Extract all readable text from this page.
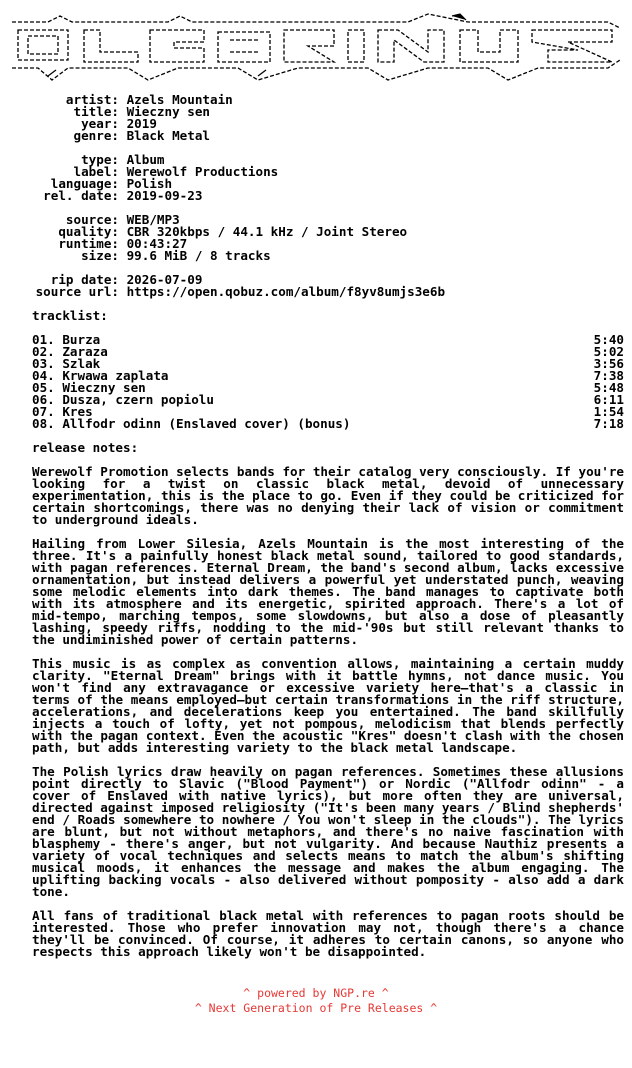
artist: Azels Mountain
title: Wieczny sen
year: 2019
genre: Black Metal
type: Album
label: Werewolf Productions
language: Polish
rel. date: 2019-09-23
source: WEB/MP3
quality: CBR 320kbps / 44.1 kHz / Joint Stereo
runtime: 00:43:27
size: 99.6 MiB / 8 tracks
rip date: 2026-07-09
source url: https://open.qobuz.com/album/f8yv8umjs3e6b
tracklist:
01. Burza	5:40
02. Zaraza	5:02
03. Szlak	3:56
04. Krwawa zaplata	7:38
05. Wieczny sen	5:48
06. Dusza, czern popiolu	6:11
07. Kres	1:54
08. Allfodr odinn (Enslaved cover) (bonus)	7:18
release notes:

Werewolf Promotion selects bands for their catalog very consciously. If you're looking for a twist on classic black metal, devoid of unnecessary experimentation, this is the place to go. Even if they could be criticized for certain shortcomings, there was no denying their lack of vision or commitment to underground ideals.

Hailing from Lower Silesia, Azels Mountain is the most interesting of the three. It's a painfully honest black metal sound, tailored to good standards, with pagan references. Eternal Dream, the band's second album, lacks excessive ornamentation, but instead delivers a powerful yet understated punch, weaving some melodic elements into dark themes. The band manages to captivate both with its atmosphere and its energetic, spirited approach. There's a lot of mid-tempo, marching tempos, some slowdowns, but also a dose of pleasantly lashing, speedy riffs, nodding to the mid-'90s but still relevant thanks to the undiminished power of certain patterns.

This music is as complex as convention allows, maintaining a certain muddy clarity. "Eternal Dream" brings with it battle hymns, not dance music. You won't find any extravagance or excessive variety here—that's a classic in terms of the means employed—but certain transformations in the riff structure, accelerations, and decelerations keep you entertained. The band skillfully injects a touch of lofty, yet not pompous, melodicism that blends perfectly with the pagan context. Even the acoustic "Kres" doesn't clash with the chosen path, but adds interesting variety to the black metal landscape.

The Polish lyrics draw heavily on pagan references. Sometimes these allusions point directly to Slavic ("Blood Payment") or Nordic ("Allfodr odinn" - a cover of Enslaved with native lyrics), but more often they are universal, directed against imposed religiosity ("It's been many years / Blind shepherds' end / Roads somewhere to nowhere / You won't sleep in the clouds"). The lyrics are blunt, but not without metaphors, and there's no naive fascination with blasphemy - there's anger, but not vulgarity. And because Nauthiz presents a variety of vocal techniques and selects means to match the album's shifting musical moods, it enhances the message and makes the album engaging. The uplifting backing vocals - also delivered without pomposity - also add a dark tone.

All fans of traditional black metal with references to pagan roots should be interested. Those who prefer innovation may not, though there's a chance they'll be convinced. Of course, it adheres to certain canons, so anyone who respects this approach likely won't be disappointed.

^ powered by NGP.re ^
^ Next Generation of Pre Releases ^
